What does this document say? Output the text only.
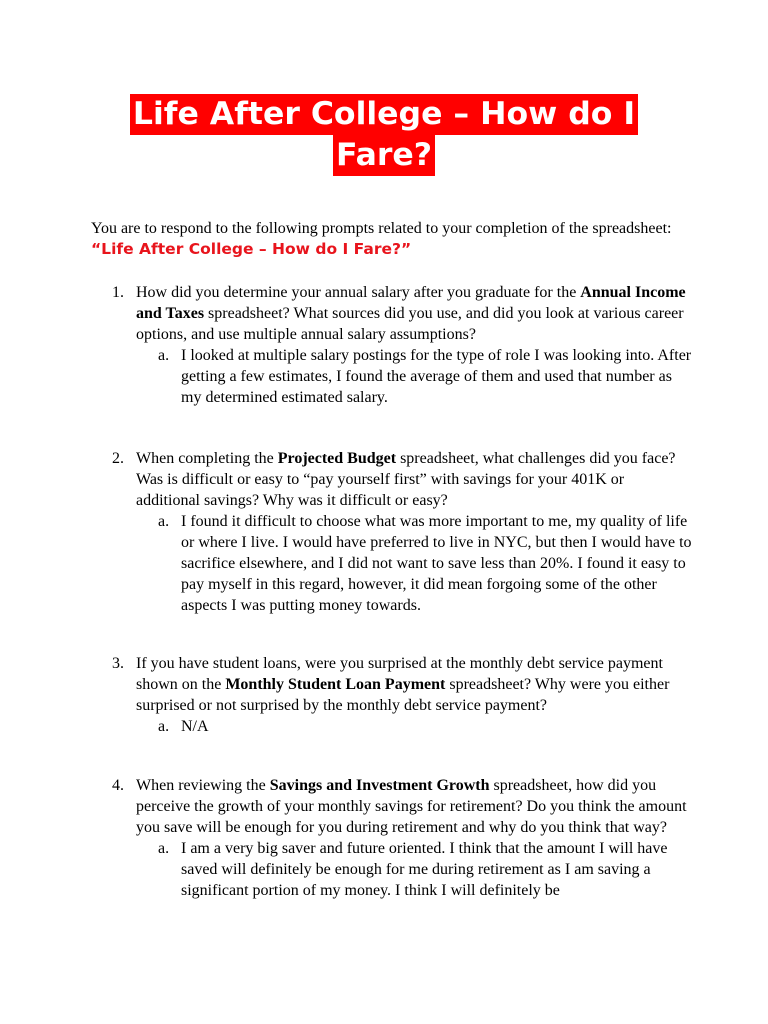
Life After College – How do I
Fare?
You are to respond to the following prompts related to your completion of the spreadsheet: “Life After College – How do I Fare?”
1. How did you determine your annual salary after you graduate for the Annual Income and Taxes spreadsheet? What sources did you use, and did you look at various career options, and use multiple annual salary assumptions?
a. I looked at multiple salary postings for the type of role I was looking into. After getting a few estimates, I found the average of them and used that number as my determined estimated salary.
2. When completing the Projected Budget spreadsheet, what challenges did you face? Was is difficult or easy to “pay yourself first” with savings for your 401K or additional savings? Why was it difficult or easy?
a. I found it difficult to choose what was more important to me, my quality of life or where I live. I would have preferred to live in NYC, but then I would have to sacrifice elsewhere, and I did not want to save less than 20%. I found it easy to pay myself in this regard, however, it did mean forgoing some of the other aspects I was putting money towards.
3. If you have student loans, were you surprised at the monthly debt service payment shown on the Monthly Student Loan Payment spreadsheet? Why were you either surprised or not surprised by the monthly debt service payment?
a. N/A
4. When reviewing the Savings and Investment Growth spreadsheet, how did you perceive the growth of your monthly savings for retirement? Do you think the amount you save will be enough for you during retirement and why do you think that way?
a. I am a very big saver and future oriented. I think that the amount I will have saved will definitely be enough for me during retirement as I am saving a significant portion of my money. I think I will definitely be
